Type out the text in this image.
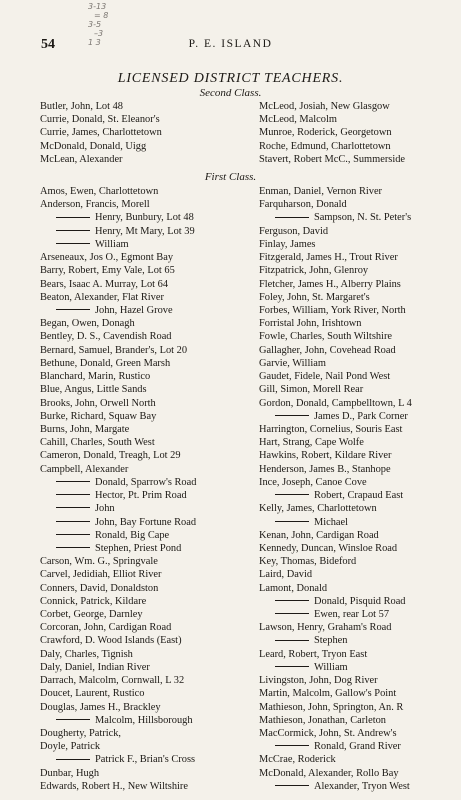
3-13
= 8
3-5
–3
1 3
54	P. E. ISLAND
LICENSED DISTRICT TEACHERS.
Second Class.
Butler, John, Lot 48	McLeod, Josiah, New Glasgow
Currie, Donald, St. Eleanor's	McLeod, Malcolm
Currie, James, Charlottetown	Munroe, Roderick, Georgetown
McDonald, Donald, Uigg	Roche, Edmund, Charlottetown
McLean, Alexander	Stavert, Robert McC., Summerside
First Class.
Amos, Ewen, Charlottetown	Enman, Daniel, Vernon River
Anderson, Francis, Morell	Farquharson, Donald
Henry, Bunbury, Lot 48	Sampson, N. St. Peter's
Henry, Mt Mary, Lot 39	Ferguson, David
William	Finlay, James
Arseneaux, Jos O., Egmont Bay	Fitzgerald, James H., Trout River
Barry, Robert, Emy Vale, Lot 65	Fitzpatrick, John, Glenroy
Bears, Isaac A. Murray, Lot 64	Fletcher, James H., Alberry Plains
Beaton, Alexander, Flat River	Foley, John, St. Margaret's
John, Hazel Grove	Forbes, William, York River, North
Began, Owen, Donagh	Forristal John, Irishtown
Bentley, D. S., Cavendish Road	Fowle, Charles, South Wiltshire
Bernard, Samuel, Brander's, Lot 20	Gallagher, John, Covehead Road
Bethune, Donald, Green Marsh	Garvie, William
Blanchard, Marin, Rustico	Gaudet, Fidele, Nail Pond West
Blue, Angus, Little Sands	Gill, Simon, Morell Rear
Brooks, John, Orwell North	Gordon, Donald, Campbelltown, L 4
Burke, Richard, Squaw Bay	James D., Park Corner
Burns, John, Margate	Harrington, Cornelius, Souris East
Cahill, Charles, South West	Hart, Strang, Cape Wolfe
Cameron, Donald, Treagh, Lot 29	Hawkins, Robert, Kildare River
Campbell, Alexander	Henderson, James B., Stanhope
Donald, Sparrow's Road	Ince, Joseph, Canoe Cove
Hector, Pt. Prim Road	Robert, Crapaud East
John	Kelly, James, Charlottetown
John, Bay Fortune Road	Michael
Ronald, Big Cape	Kenan, John, Cardigan Road
Stephen, Priest Pond	Kennedy, Duncan, Winsloe Road
Carson, Wm. G., Springvale	Key, Thomas, Bideford
Carvel, Jedidiah, Elliot River	Laird, David
Conners, David, Donaldston	Lamont, Donald
Connick, Patrick, Kildare	Donald, Pisquid Road
Corbet, George, Darnley	Ewen, rear Lot 57
Corcoran, John, Cardigan Road	Lawson, Henry, Graham's Road
Crawford, D. Wood Islands (East)	Stephen
Daly, Charles, Tignish	Leard, Robert, Tryon East
Daly, Daniel, Indian River	William
Darrach, Malcolm, Cornwall, L 32	Livingston, John, Dog River
Doucet, Laurent, Rustico	Martin, Malcolm, Gallow's Point
Douglas, James H., Brackley	Mathieson, John, Springton, An. R
Malcolm, Hillsborough	Mathieson, Jonathan, Carleton
Dougherty, Patrick,	MacCormick, John, St. Andrew's
Doyle, Patrick	Ronald, Grand River
Patrick F., Brian's Cross	McCrae, Roderick
Dunbar, Hugh	McDonald, Alexander, Rollo Bay
Edwards, Robert H., New Wiltshire	Alexander, Tryon West
